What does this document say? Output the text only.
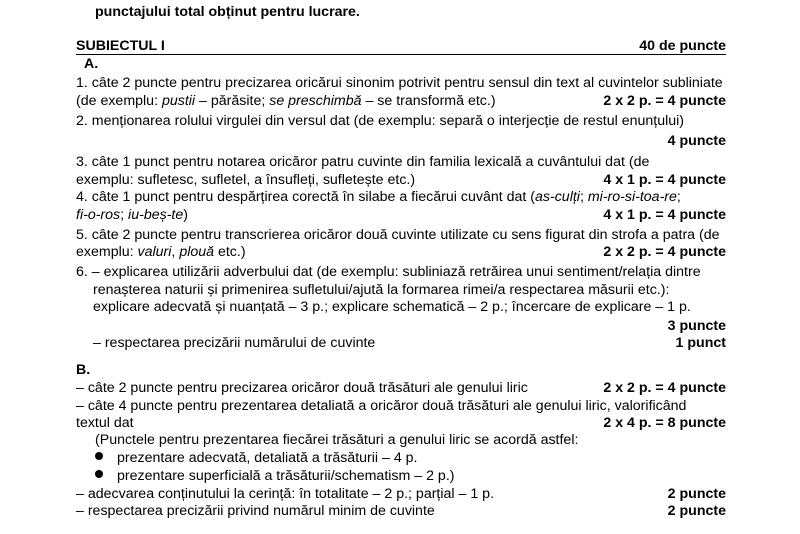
punctajului total obținut pentru lucrare.
SUBIECTUL I	40 de puncte
A.
1. câte 2 puncte pentru precizarea oricărui sinonim potrivit pentru sensul din text al cuvintelor subliniate
(de exemplu: pustii – părăsite; se preschimbă – se transformă etc.)	2 x 2 p. = 4 puncte
2. menționarea rolului virgulei din versul dat (de exemplu: separă o interjecție de restul enunțului)
4 puncte
3. câte 1 punct pentru notarea oricăror patru cuvinte din familia lexicală a cuvântului dat (de
exemplu: sufletesc, sufletel, a însufleți, sufletește etc.)	4 x 1 p. = 4 puncte
4. câte 1 punct pentru despărțirea corectă în silabe a fiecărui cuvânt dat (as-culți; mi-ro-si-toa-re;
fi-o-ros; iu-beș-te)	4 x 1 p. = 4 puncte
5. câte 2 puncte pentru transcrierea oricăror două cuvinte utilizate cu sens figurat din strofa a patra (de
exemplu: valuri, plouă etc.)	2 x 2 p. = 4 puncte
6. – explicarea utilizării adverbului dat (de exemplu: subliniază retrăirea unui sentiment/relația dintre
renașterea naturii și primenirea sufletului/ajută la formarea rimei/a respectarea măsurii etc.):
explicare adecvată și nuanțată – 3 p.; explicare schematică – 2 p.; încercare de explicare – 1 p.
3 puncte
– respectarea precizării numărului de cuvinte	1 punct
B.
– câte 2 puncte pentru precizarea oricăror două trăsături ale genului liric	2 x 2 p. = 4 puncte
– câte 4 puncte pentru prezentarea detaliată a oricăror două trăsături ale genului liric, valorificând
textul dat	2 x 4 p. = 8 puncte
(Punctele pentru prezentarea fiecărei trăsături a genului liric se acordă astfel:
prezentare adecvată, detaliată a trăsăturii – 4 p.
prezentare superficială a trăsăturii/schematism – 2 p.)
– adecvarea conținutului la cerință: în totalitate – 2 p.; parțial – 1 p.	2 puncte
– respectarea precizării privind numărul minim de cuvinte	2 puncte
